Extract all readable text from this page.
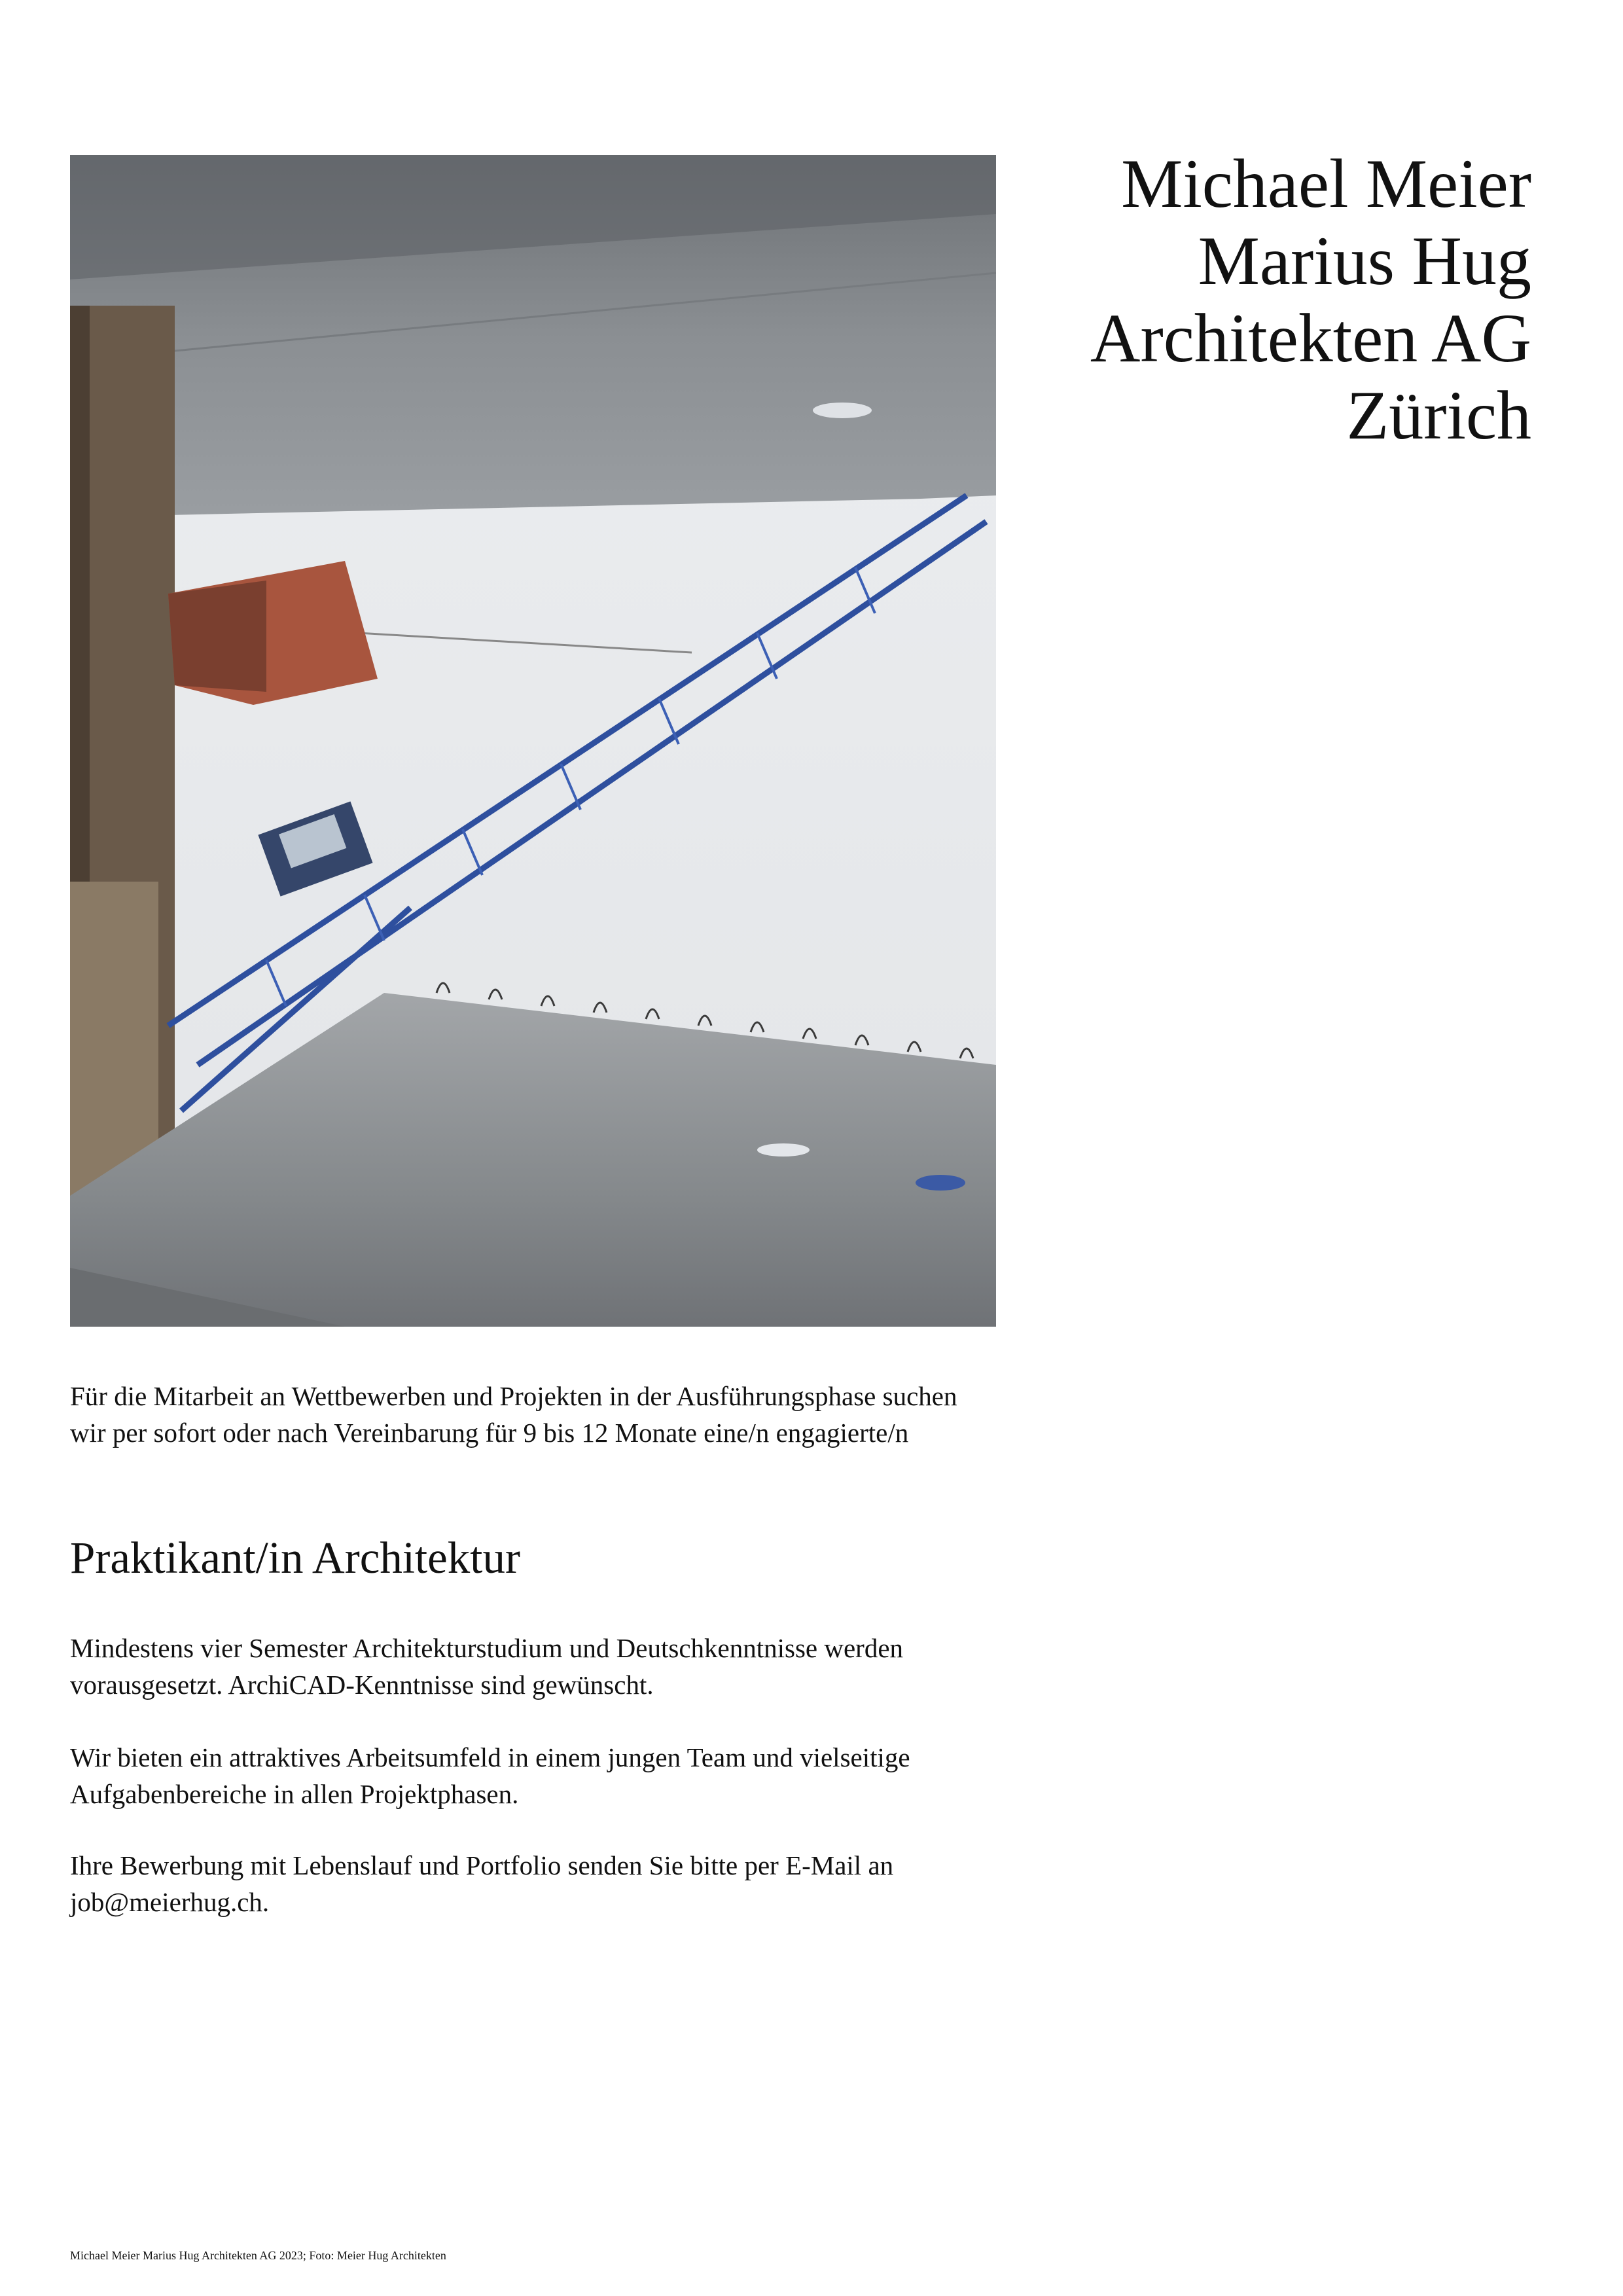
Michael Meier
Marius Hug
Architekten AG
Zürich
Für die Mitarbeit an Wettbewerben und Projekten in der Ausführungsphase suchen wir per sofort oder nach Vereinbarung für 9 bis 12 Monate eine/n engagierte/n
Praktikant/in Architektur
Mindestens vier Semester Architekturstudium und Deutschkenntnisse werden vorausgesetzt. ArchiCAD-Kenntnisse sind gewünscht.
Wir bieten ein attraktives Arbeitsumfeld in einem jungen Team und vielseitige Aufgabenbereiche in allen Projektphasen.
Ihre Bewerbung mit Lebenslauf und Portfolio senden Sie bitte per E-Mail an job@meierhug.ch.
Michael Meier Marius Hug Architekten AG 2023; Foto: Meier Hug Architekten
